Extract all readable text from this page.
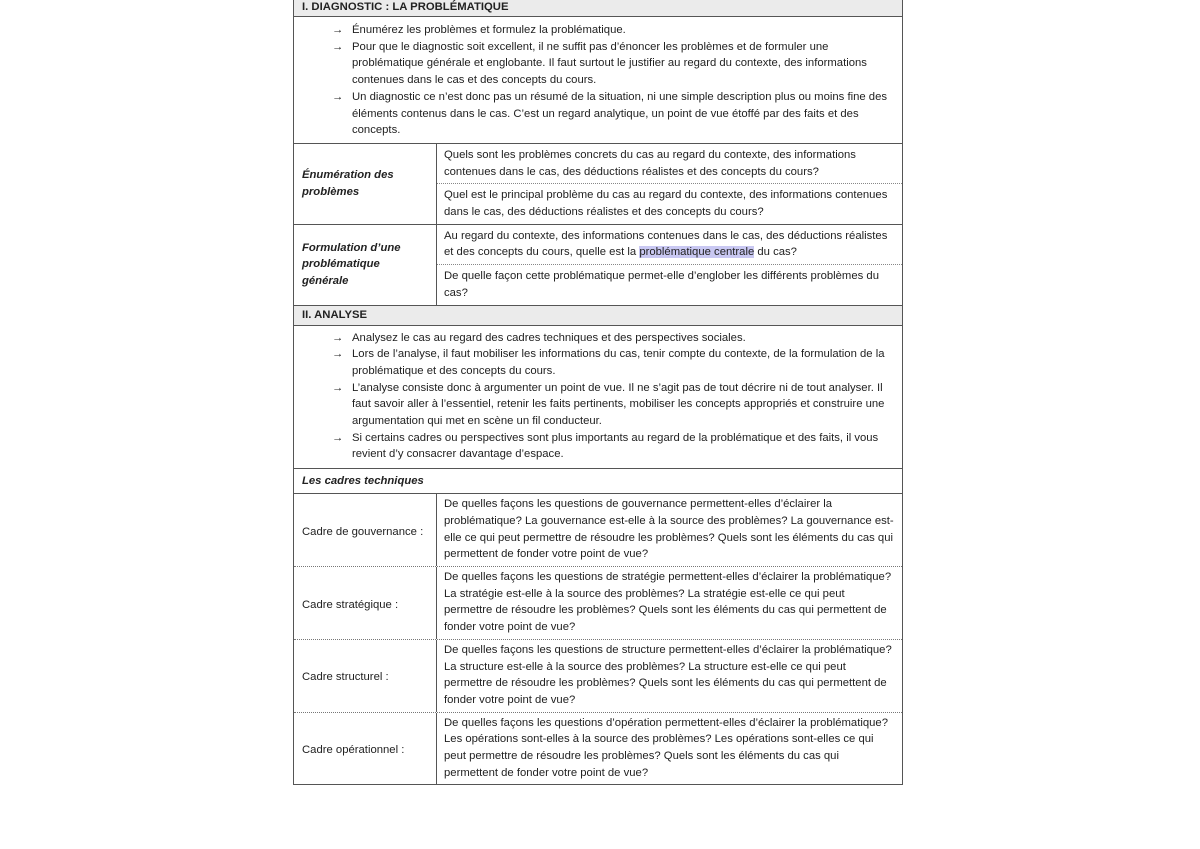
I. DIAGNOSTIC : LA PROBLÉMATIQUE
→ Énumérez les problèmes et formulez la problématique.
→ Pour que le diagnostic soit excellent, il ne suffit pas d’énoncer les problèmes et de formuler une problématique générale et englobante. Il faut surtout le justifier au regard du contexte, des informations contenues dans le cas et des concepts du cours.
→ Un diagnostic ce n’est donc pas un résumé de la situation, ni une simple description plus ou moins fine des éléments contenus dans le cas. C’est un regard analytique, un point de vue étoffé par des faits et des concepts.
Énumération des problèmes
Quels sont les problèmes concrets du cas au regard du contexte, des informations contenues dans le cas, des déductions réalistes et des concepts du cours?
Quel est le principal problème du cas au regard du contexte, des informations contenues dans le cas, des déductions réalistes et des concepts du cours?
Formulation d’une problématique générale
Au regard du contexte, des informations contenues dans le cas, des déductions réalistes et des concepts du cours, quelle est la problématique centrale du cas?
De quelle façon cette problématique permet-elle d’englober les différents problèmes du cas?
II. ANALYSE
→ Analysez le cas au regard des cadres techniques et des perspectives sociales.
→ Lors de l’analyse, il faut mobiliser les informations du cas, tenir compte du contexte, de la formulation de la problématique et des concepts du cours.
→ L’analyse consiste donc à argumenter un point de vue. Il ne s’agit pas de tout décrire ni de tout analyser. Il faut savoir aller à l’essentiel, retenir les faits pertinents, mobiliser les concepts appropriés et construire une argumentation qui met en scène un fil conducteur.
→ Si certains cadres ou perspectives sont plus importants au regard de la problématique et des faits, il vous revient d’y consacrer davantage d’espace.
Les cadres techniques
Cadre de gouvernance :
De quelles façons les questions de gouvernance permettent-elles d’éclairer la problématique? La gouvernance est-elle à la source des problèmes? La gouvernance est-elle ce qui peut permettre de résoudre les problèmes? Quels sont les éléments du cas qui permettent de fonder votre point de vue?
Cadre stratégique :
De quelles façons les questions de stratégie permettent-elles d’éclairer la problématique? La stratégie est-elle à la source des problèmes? La stratégie est-elle ce qui peut permettre de résoudre les problèmes? Quels sont les éléments du cas qui permettent de fonder votre point de vue?
Cadre structurel :
De quelles façons les questions de structure permettent-elles d’éclairer la problématique? La structure est-elle à la source des problèmes? La structure est-elle ce qui peut permettre de résoudre les problèmes? Quels sont les éléments du cas qui permettent de fonder votre point de vue?
Cadre opérationnel :
De quelles façons les questions d’opération permettent-elles d’éclairer la problématique? Les opérations sont-elles à la source des problèmes? Les opérations sont-elles ce qui peut permettre de résoudre les problèmes? Quels sont les éléments du cas qui permettent de fonder votre point de vue?
